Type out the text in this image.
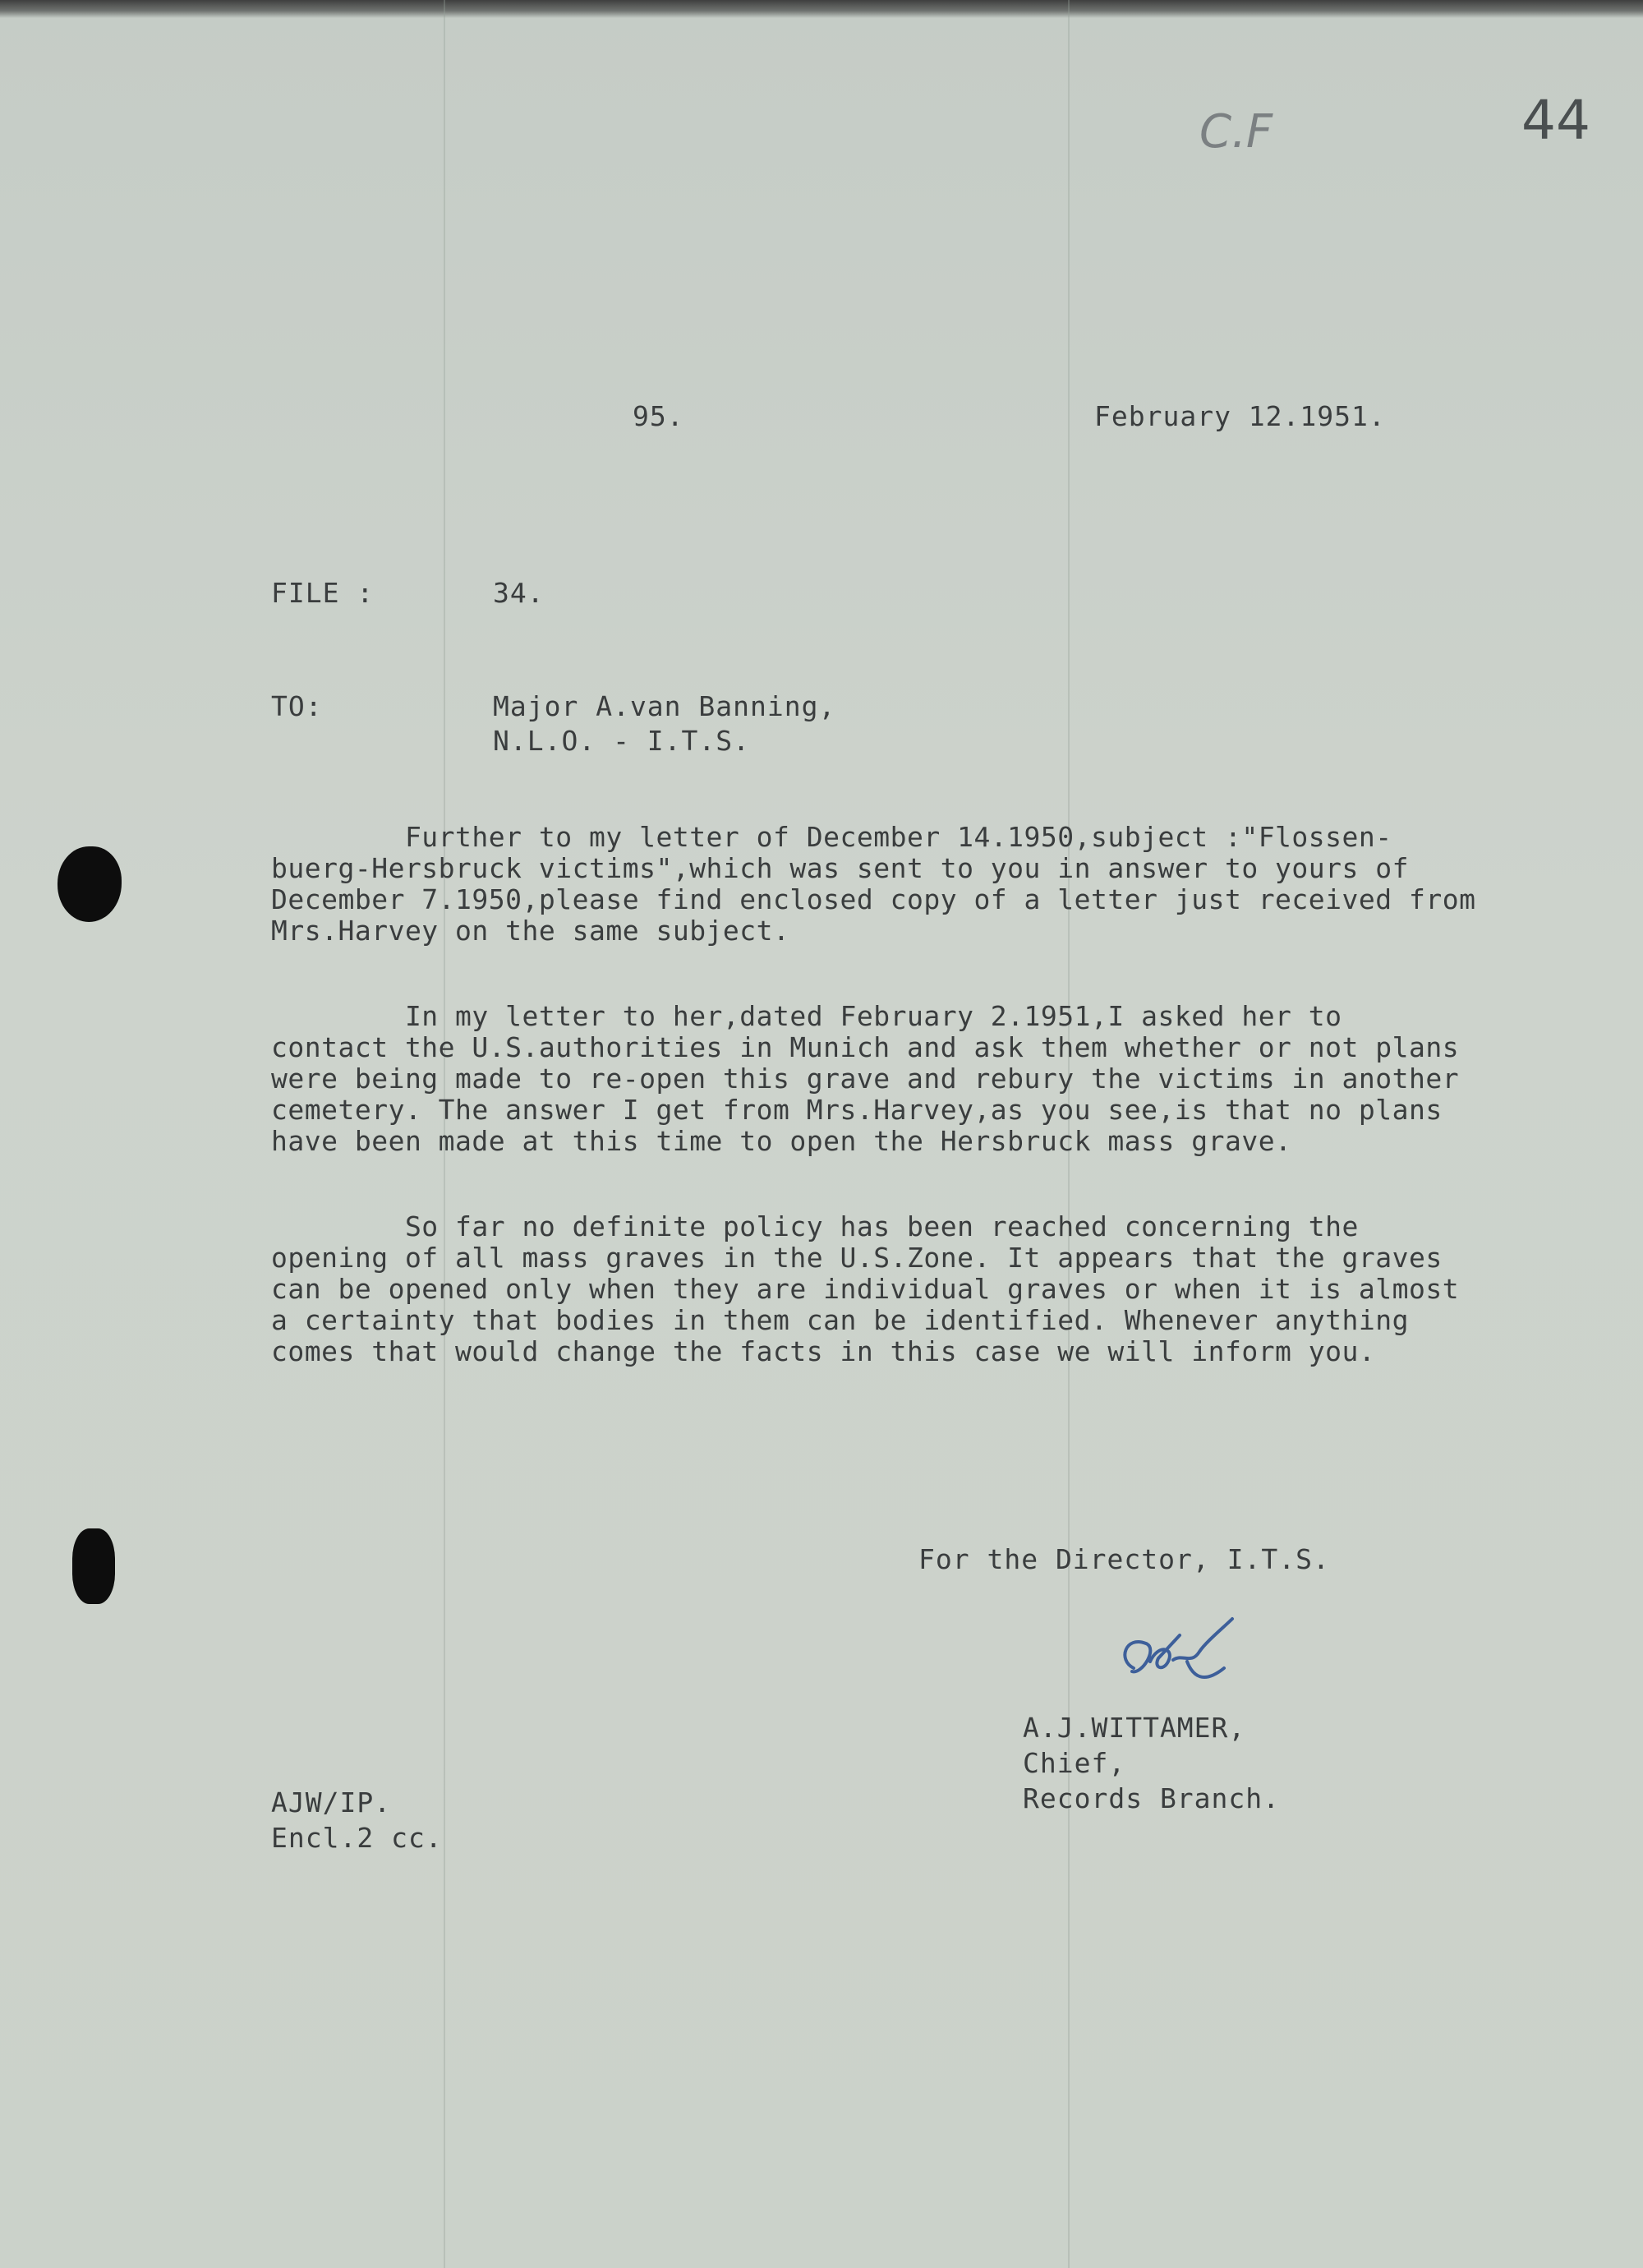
44
C.F
95.	February 12.1951.
FILE :	34.
TO:	Major A.van Banning,
N.L.O. - I.T.S.
Further to my letter of December 14.1950,subject :"Flossen-
buerg-Hersbruck victims",which was sent to you in answer to yours of
December 7.1950,please find enclosed copy of a letter just received from
Mrs.Harvey on the same subject.
In my letter to her,dated February 2.1951,I asked her to
contact the U.S.authorities in Munich and ask them whether or not plans
were being made to re-open this grave and rebury the victims in another
cemetery. The answer I get from Mrs.Harvey,as you see,is that no plans
have been made at this time to open the Hersbruck mass grave.
So far no definite policy has been reached concerning the
opening of all mass graves in the U.S.Zone. It appears that the graves
can be opened only when they are individual graves or when it is almost
a certainty that bodies in them can be identified. Whenever anything
comes that would change the facts in this case we will inform you.
For the Director, I.T.S.
A.J.WITTAMER,
Chief,
Records Branch.
AJW/IP.
Encl.2 cc.
